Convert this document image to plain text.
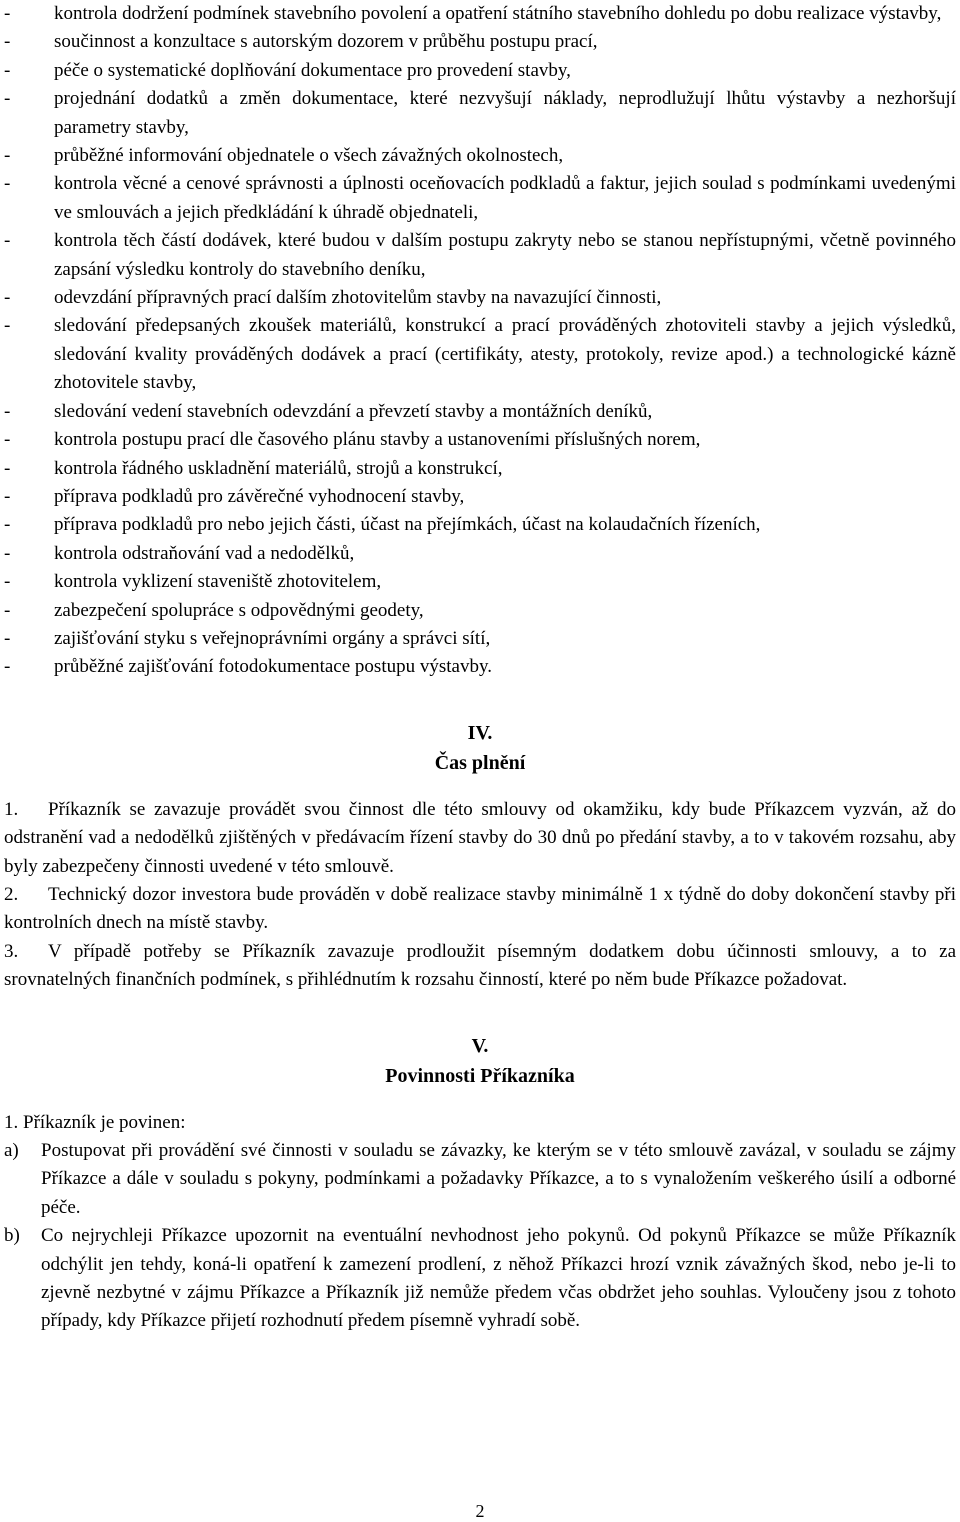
-	kontrola dodržení podmínek stavebního povolení a opatření státního stavebního dohledu po dobu realizace výstavby,
-	součinnost a konzultace s autorským dozorem v průběhu postupu prací,
-	péče o systematické doplňování dokumentace pro provedení stavby,
-	projednání dodatků a změn dokumentace, které nezvyšují náklady, neprodlužují lhůtu výstavby a nezhoršují parametry stavby,
-	průběžné informování objednatele o všech závažných okolnostech,
-	kontrola věcné a cenové správnosti a úplnosti oceňovacích podkladů a faktur, jejich soulad s podmínkami uvedenými ve smlouvách a jejich předkládání k úhradě objednateli,
-	kontrola těch částí dodávek, které budou v dalším postupu zakryty nebo se stanou nepřístupnými, včetně povinného zapsání výsledku kontroly do stavebního deníku,
-	odevzdání přípravných prací dalším zhotovitelům stavby na navazující činnosti,
-	sledování předepsaných zkoušek materiálů, konstrukcí a prací prováděných zhotoviteli stavby a jejich výsledků, sledování kvality prováděných dodávek a prací (certifikáty, atesty, protokoly, revize apod.) a technologické kázně zhotovitele stavby,
-	sledování vedení stavebních odevzdání a převzetí stavby a montážních deníků,
-	kontrola postupu prací dle časového plánu stavby a ustanoveními příslušných norem,
-	kontrola řádného uskladnění materiálů, strojů a konstrukcí,
-	příprava podkladů pro závěrečné vyhodnocení stavby,
-	příprava podkladů pro nebo jejich části, účast na přejímkách, účast na kolaudačních řízeních,
-	kontrola odstraňování vad a nedodělků,
-	kontrola vyklizení staveniště zhotovitelem,
-	zabezpečení spolupráce s odpovědnými geodety,
-	zajišťování styku s veřejnoprávními orgány a správci sítí,
-	průběžné zajišťování fotodokumentace postupu výstavby.
IV.
Čas plnění
1. Příkazník se zavazuje provádět svou činnost dle této smlouvy od okamžiku, kdy bude Příkazcem vyzván, až do odstranění vad a nedodělků zjištěných v předávacím řízení stavby do 30 dnů po předání stavby, a to v takovém rozsahu, aby byly zabezpečeny činnosti uvedené v této smlouvě.
2. Technický dozor investora bude prováděn v době realizace stavby minimálně 1 x týdně do doby dokončení stavby při kontrolních dnech na místě stavby.
3. V případě potřeby se Příkazník zavazuje prodloužit písemným dodatkem dobu účinnosti smlouvy, a to za srovnatelných finančních podmínek, s přihlédnutím k rozsahu činností, které po něm bude Příkazce požadovat.
V.
Povinnosti Příkazníka
1. Příkazník je povinen:
a)	Postupovat při provádění své činnosti v souladu se závazky, ke kterým se v této smlouvě zavázal, v souladu se zájmy Příkazce a dále v souladu s pokyny, podmínkami a požadavky Příkazce, a to s vynaložením veškerého úsilí a odborné péče.
b)	Co nejrychleji Příkazce upozornit na eventuální nevhodnost jeho pokynů. Od pokynů Příkazce se může Příkazník odchýlit jen tehdy, koná-li opatření k zamezení prodlení, z něhož Příkazci hrozí vznik závažných škod, nebo je-li to zjevně nezbytné v zájmu Příkazce a Příkazník již nemůže předem včas obdržet jeho souhlas. Vyloučeny jsou z tohoto případy, kdy Příkazce přijetí rozhodnutí předem písemně vyhradí sobě.
2
